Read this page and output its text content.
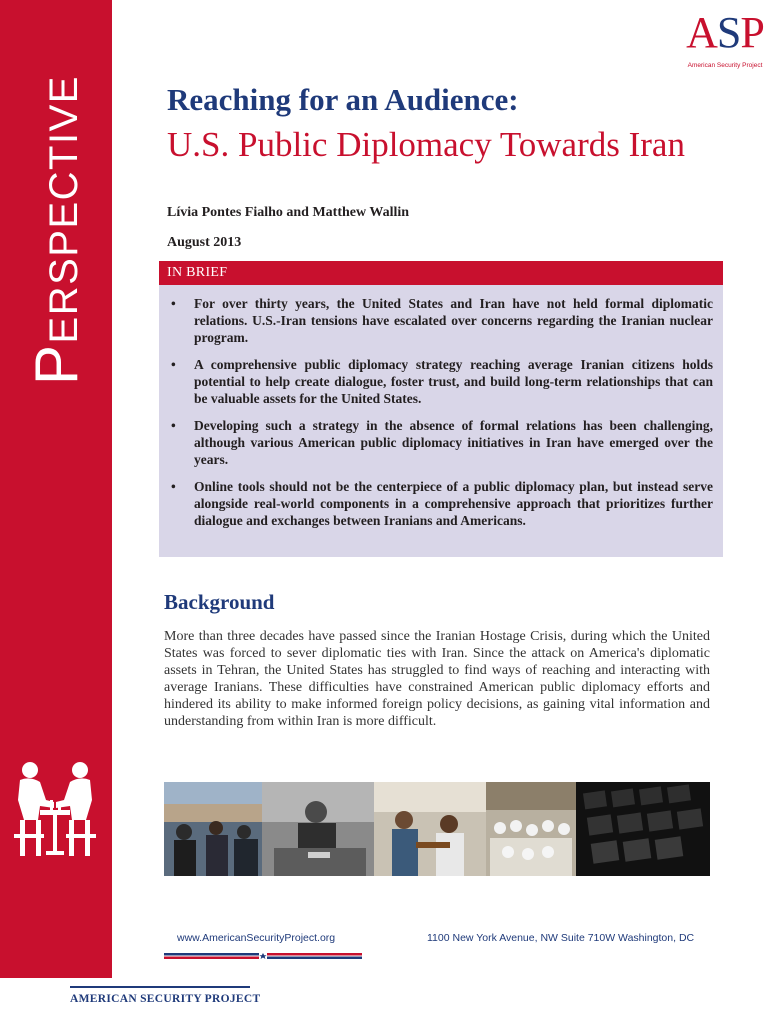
PERSPECTIVE
ASP
American Security Project
Reaching for an Audience:
U.S. Public Diplomacy Towards Iran
Lívia Pontes Fialho and Matthew Wallin
August 2013
IN BRIEF
• For over thirty years, the United States and Iran have not held formal diplomatic relations. U.S.-Iran tensions have escalated over concerns regarding the Iranian nuclear program.
• A comprehensive public diplomacy strategy reaching average Iranian citizens holds potential to help create dialogue, foster trust, and build long-term relationships that can be valuable assets for the United States.
• Developing such a strategy in the absence of formal relations has been challenging, although various American public diplomacy initiatives in Iran have emerged over the years.
• Online tools should not be the centerpiece of a public diplomacy plan, but instead serve alongside real-world components in a comprehensive approach that prioritizes further dialogue and exchanges between Iranians and Americans.
Background

More than three decades have passed since the Iranian Hostage Crisis, during which the United States was forced to sever diplomatic ties with Iran. Since the attack on America's diplomatic assets in Tehran, the United States has struggled to find ways of reaching and interacting with average Iranians. These difficulties have constrained American public diplomacy efforts and hindered its ability to make informed foreign policy decisions, as gaining vital information and understanding from within Iran is more difficult.

www.AmericanSecurityProject.org	1100 New York Avenue, NW Suite 710W Washington, DC
AMERICAN SECURITY PROJECT
